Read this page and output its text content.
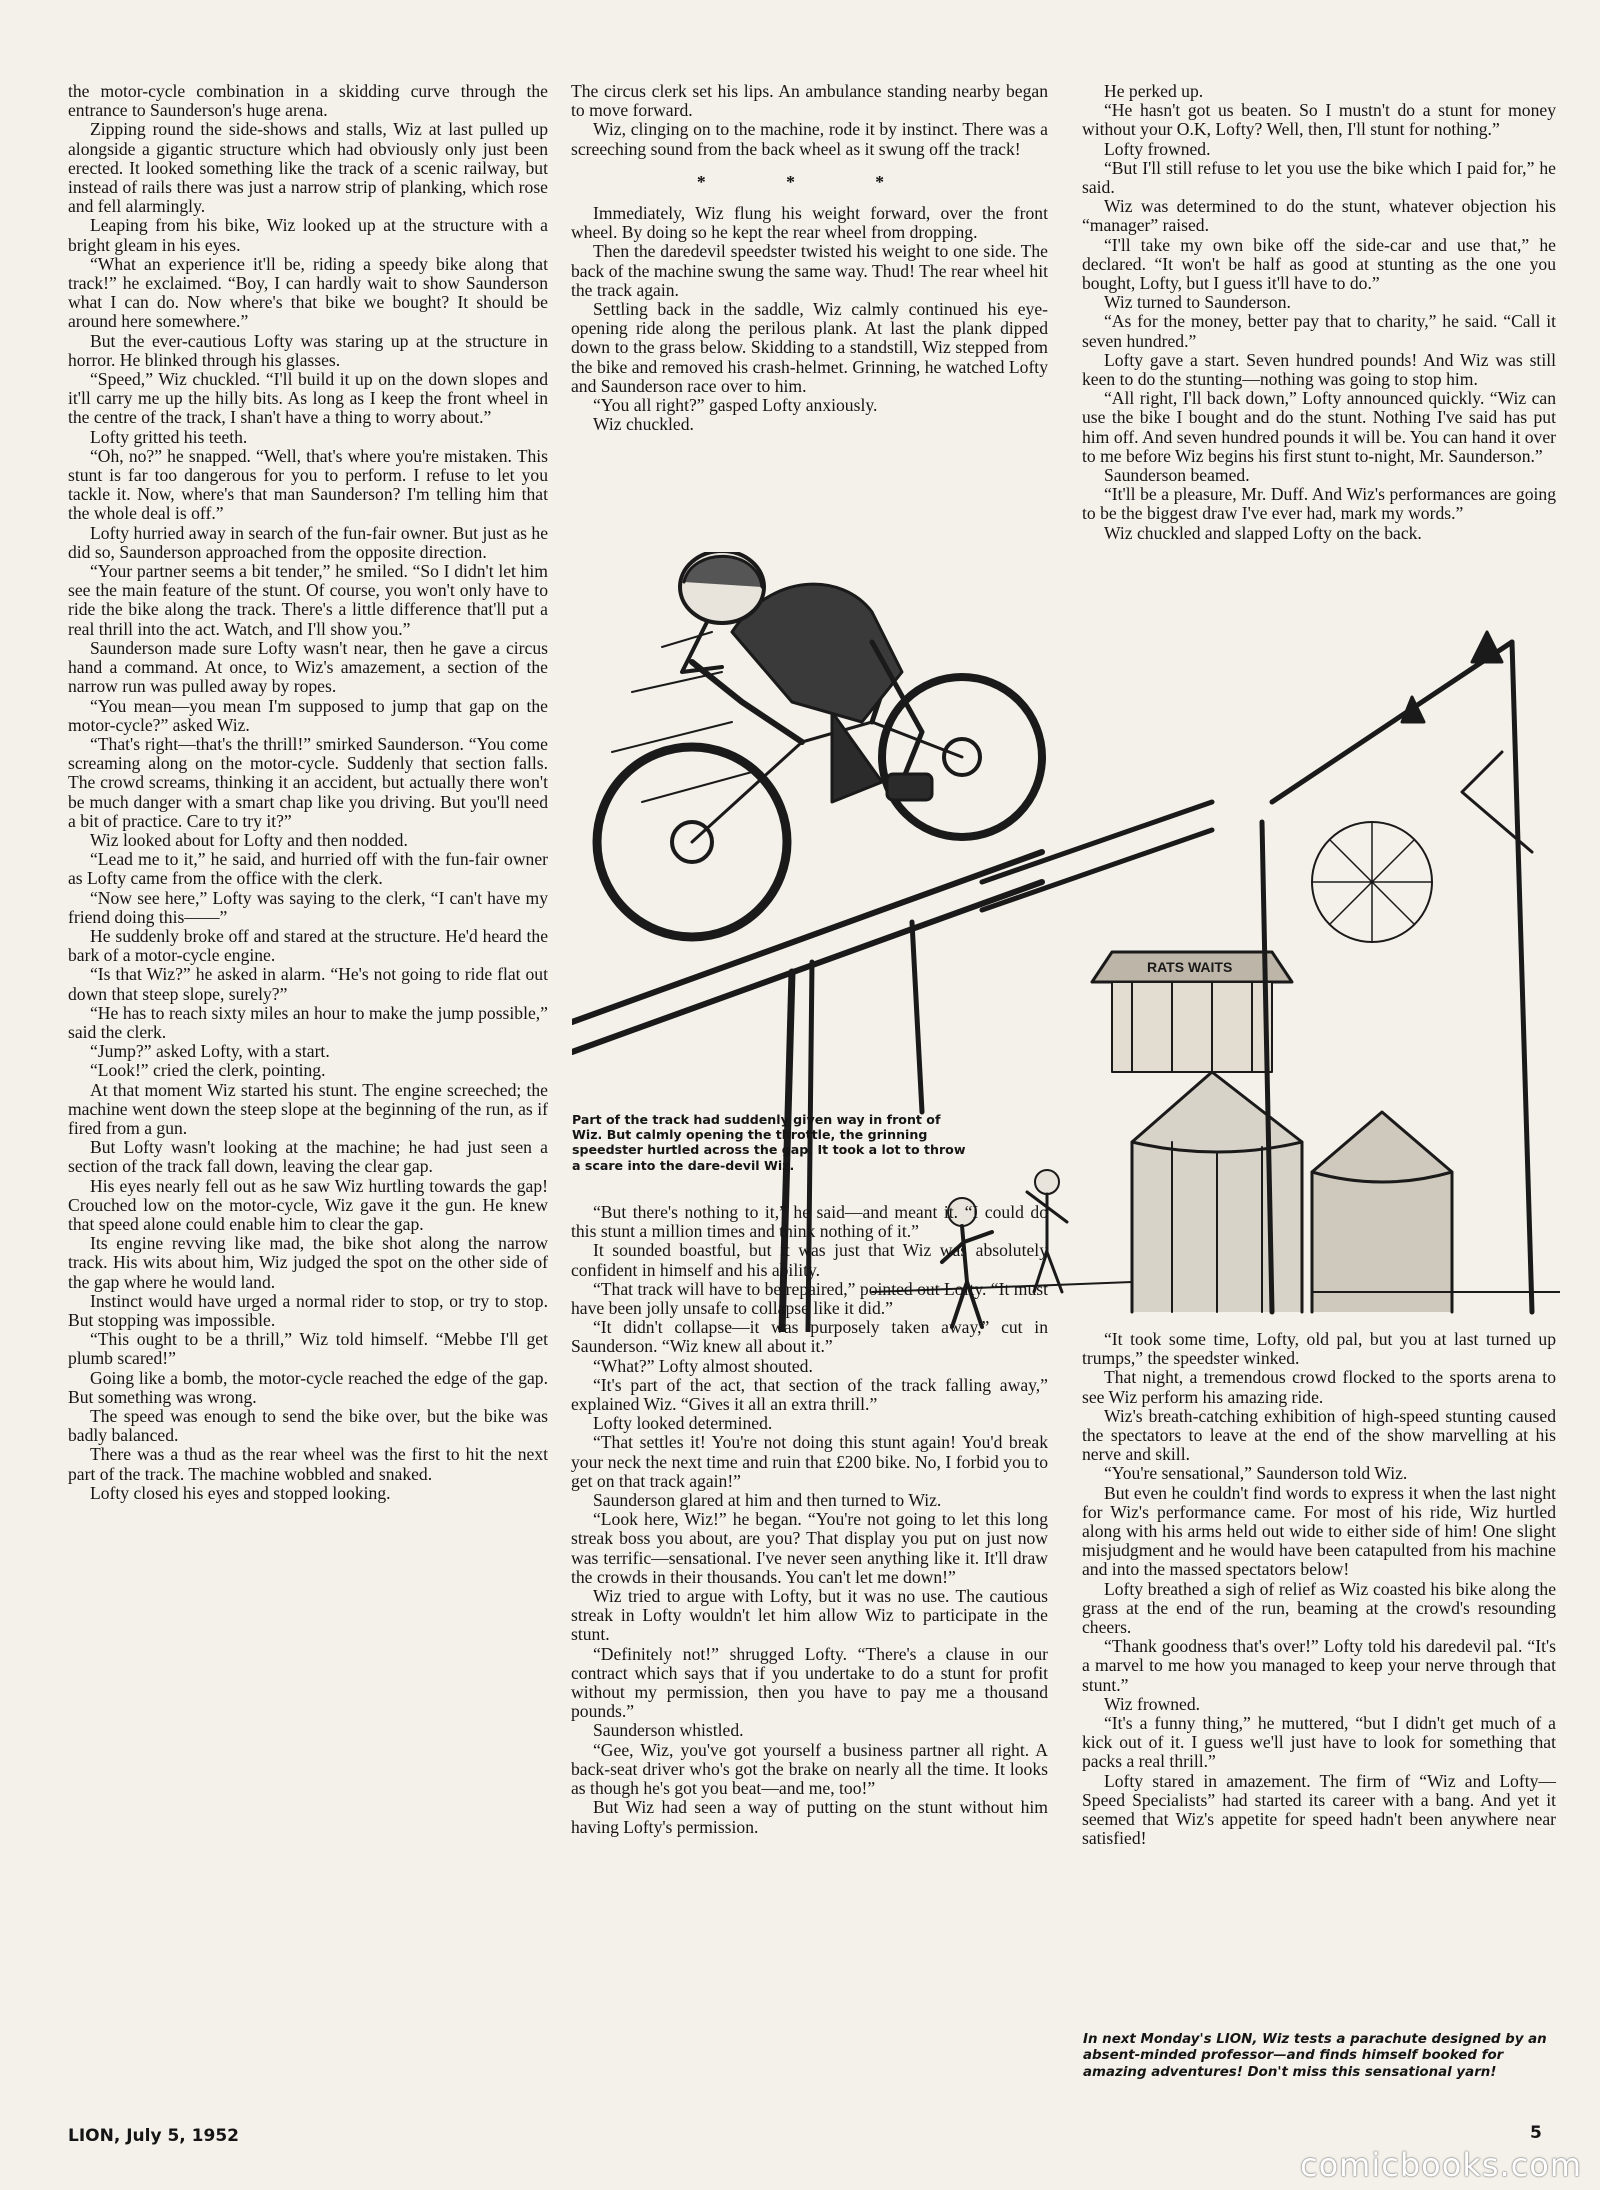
the motor-cycle combination in a skidding curve through the entrance to Saunderson's huge arena.

Zipping round the side-shows and stalls, Wiz at last pulled up alongside a gigantic structure which had obviously only just been erected. It looked something like the track of a scenic railway, but instead of rails there was just a narrow strip of planking, which rose and fell alarmingly.

Leaping from his bike, Wiz looked up at the structure with a bright gleam in his eyes.

“What an experience it'll be, riding a speedy bike along that track!” he exclaimed. “Boy, I can hardly wait to show Saunderson what I can do. Now where's that bike we bought? It should be around here somewhere.”

But the ever-cautious Lofty was staring up at the structure in horror. He blinked through his glasses.

“Speed,” Wiz chuckled. “I'll build it up on the down slopes and it'll carry me up the hilly bits. As long as I keep the front wheel in the centre of the track, I shan't have a thing to worry about.”

Lofty gritted his teeth.

“Oh, no?” he snapped. “Well, that's where you're mistaken. This stunt is far too dangerous for you to perform. I refuse to let you tackle it. Now, where's that man Saunderson? I'm telling him that the whole deal is off.”

Lofty hurried away in search of the fun-fair owner. But just as he did so, Saunderson approached from the opposite direction.

“Your partner seems a bit tender,” he smiled. “So I didn't let him see the main feature of the stunt. Of course, you won't only have to ride the bike along the track. There's a little difference that'll put a real thrill into the act. Watch, and I'll show you.”

Saunderson made sure Lofty wasn't near, then he gave a circus hand a command. At once, to Wiz's amazement, a section of the narrow run was pulled away by ropes.

“You mean—you mean I'm supposed to jump that gap on the motor-cycle?” asked Wiz.

“That's right—that's the thrill!” smirked Saunderson. “You come screaming along on the motor-cycle. Suddenly that section falls. The crowd screams, thinking it an accident, but actually there won't be much danger with a smart chap like you driving. But you'll need a bit of practice. Care to try it?”

Wiz looked about for Lofty and then nodded.

“Lead me to it,” he said, and hurried off with the fun-fair owner as Lofty came from the office with the clerk.

“Now see here,” Lofty was saying to the clerk, “I can't have my friend doing this——”

He suddenly broke off and stared at the structure. He'd heard the bark of a motor-cycle engine.

“Is that Wiz?” he asked in alarm. “He's not going to ride flat out down that steep slope, surely?”

“He has to reach sixty miles an hour to make the jump possible,” said the clerk.

“Jump?” asked Lofty, with a start.

“Look!” cried the clerk, pointing.

At that moment Wiz started his stunt. The engine screeched; the machine went down the steep slope at the beginning of the run, as if fired from a gun.

But Lofty wasn't looking at the machine; he had just seen a section of the track fall down, leaving the clear gap.

His eyes nearly fell out as he saw Wiz hurtling towards the gap! Crouched low on the motor-cycle, Wiz gave it the gun. He knew that speed alone could enable him to clear the gap.

Its engine revving like mad, the bike shot along the narrow track. His wits about him, Wiz judged the spot on the other side of the gap where he would land.

Instinct would have urged a normal rider to stop, or try to stop. But stopping was impossible.

“This ought to be a thrill,” Wiz told himself. “Mebbe I'll get plumb scared!”

Going like a bomb, the motor-cycle reached the edge of the gap. But something was wrong.

The speed was enough to send the bike over, but the bike was badly balanced.

There was a thud as the rear wheel was the first to hit the next part of the track. The machine wobbled and snaked.

Lofty closed his eyes and stopped looking.

The circus clerk set his lips. An ambulance standing nearby began to move forward.

Wiz, clinging on to the machine, rode it by instinct. There was a screeching sound from the back wheel as it swung off the track!

* * *

Immediately, Wiz flung his weight forward, over the front wheel. By doing so he kept the rear wheel from dropping.

Then the daredevil speedster twisted his weight to one side. The back of the machine swung the same way. Thud! The rear wheel hit the track again.

Settling back in the saddle, Wiz calmly continued his eye-opening ride along the perilous plank. At last the plank dipped down to the grass below. Skidding to a standstill, Wiz stepped from the bike and removed his crash-helmet. Grinning, he watched Lofty and Saunderson race over to him.

“You all right?” gasped Lofty anxiously.

Wiz chuckled.

RATS WAITS
Part of the track had suddenly given way in front of Wiz. But calmly opening the throttle, the grinning speedster hurtled across the gap. It took a lot to throw a scare into the dare-devil Wiz.

“But there's nothing to it,” he said—and meant it. “I could do this stunt a million times and think nothing of it.”

It sounded boastful, but it was just that Wiz was absolutely confident in himself and his ability.

“That track will have to be repaired,” pointed out Lofty. “It must have been jolly unsafe to collapse like it did.”

“It didn't collapse—it was purposely taken away,” cut in Saunderson. “Wiz knew all about it.”

“What?” Lofty almost shouted.

“It's part of the act, that section of the track falling away,” explained Wiz. “Gives it all an extra thrill.”

Lofty looked determined.

“That settles it! You're not doing this stunt again! You'd break your neck the next time and ruin that £200 bike. No, I forbid you to get on that track again!”

Saunderson glared at him and then turned to Wiz.

“Look here, Wiz!” he began. “You're not going to let this long streak boss you about, are you? That display you put on just now was terrific—sensational. I've never seen anything like it. It'll draw the crowds in their thousands. You can't let me down!”

Wiz tried to argue with Lofty, but it was no use. The cautious streak in Lofty wouldn't let him allow Wiz to participate in the stunt.

“Definitely not!” shrugged Lofty. “There's a clause in our contract which says that if you undertake to do a stunt for profit without my permission, then you have to pay me a thousand pounds.”

Saunderson whistled.

“Gee, Wiz, you've got yourself a business partner all right. A back-seat driver who's got the brake on nearly all the time. It looks as though he's got you beat—and me, too!”

But Wiz had seen a way of putting on the stunt without him having Lofty's permission.

He perked up.

“He hasn't got us beaten. So I mustn't do a stunt for money without your O.K, Lofty? Well, then, I'll stunt for nothing.”

Lofty frowned.

“But I'll still refuse to let you use the bike which I paid for,” he said.

Wiz was determined to do the stunt, whatever objection his “manager” raised.

“I'll take my own bike off the side-car and use that,” he declared. “It won't be half as good at stunting as the one you bought, Lofty, but I guess it'll have to do.”

Wiz turned to Saunderson.

“As for the money, better pay that to charity,” he said. “Call it seven hundred.”

Lofty gave a start. Seven hundred pounds! And Wiz was still keen to do the stunting—nothing was going to stop him.

“All right, I'll back down,” Lofty announced quickly. “Wiz can use the bike I bought and do the stunt. Nothing I've said has put him off. And seven hundred pounds it will be. You can hand it over to me before Wiz begins his first stunt to-night, Mr. Saunderson.”

Saunderson beamed.

“It'll be a pleasure, Mr. Duff. And Wiz's performances are going to be the biggest draw I've ever had, mark my words.”

Wiz chuckled and slapped Lofty on the back.

“It took some time, Lofty, old pal, but you at last turned up trumps,” the speedster winked.

That night, a tremendous crowd flocked to the sports arena to see Wiz perform his amazing ride.

Wiz's breath-catching exhibition of high-speed stunting caused the spectators to leave at the end of the show marvelling at his nerve and skill.

“You're sensational,” Saunderson told Wiz.

But even he couldn't find words to express it when the last night for Wiz's performance came. For most of his ride, Wiz hurtled along with his arms held out wide to either side of him! One slight misjudgment and he would have been catapulted from his machine and into the massed spectators below!

Lofty breathed a sigh of relief as Wiz coasted his bike along the grass at the end of the run, beaming at the crowd's resounding cheers.

“Thank goodness that's over!” Lofty told his daredevil pal. “It's a marvel to me how you managed to keep your nerve through that stunt.”

Wiz frowned.

“It's a funny thing,” he muttered, “but I didn't get much of a kick out of it. I guess we'll just have to look for something that packs a real thrill.”

Lofty stared in amazement. The firm of “Wiz and Lofty—Speed Specialists” had started its career with a bang. And yet it seemed that Wiz's appetite for speed hadn't been anywhere near satisfied!

In next Monday's LION, Wiz tests a parachute designed by an absent-minded professor—and finds himself booked for amazing adventures! Don't miss this sensational yarn!
LION, July 5, 1952	5
comicbooks.com
